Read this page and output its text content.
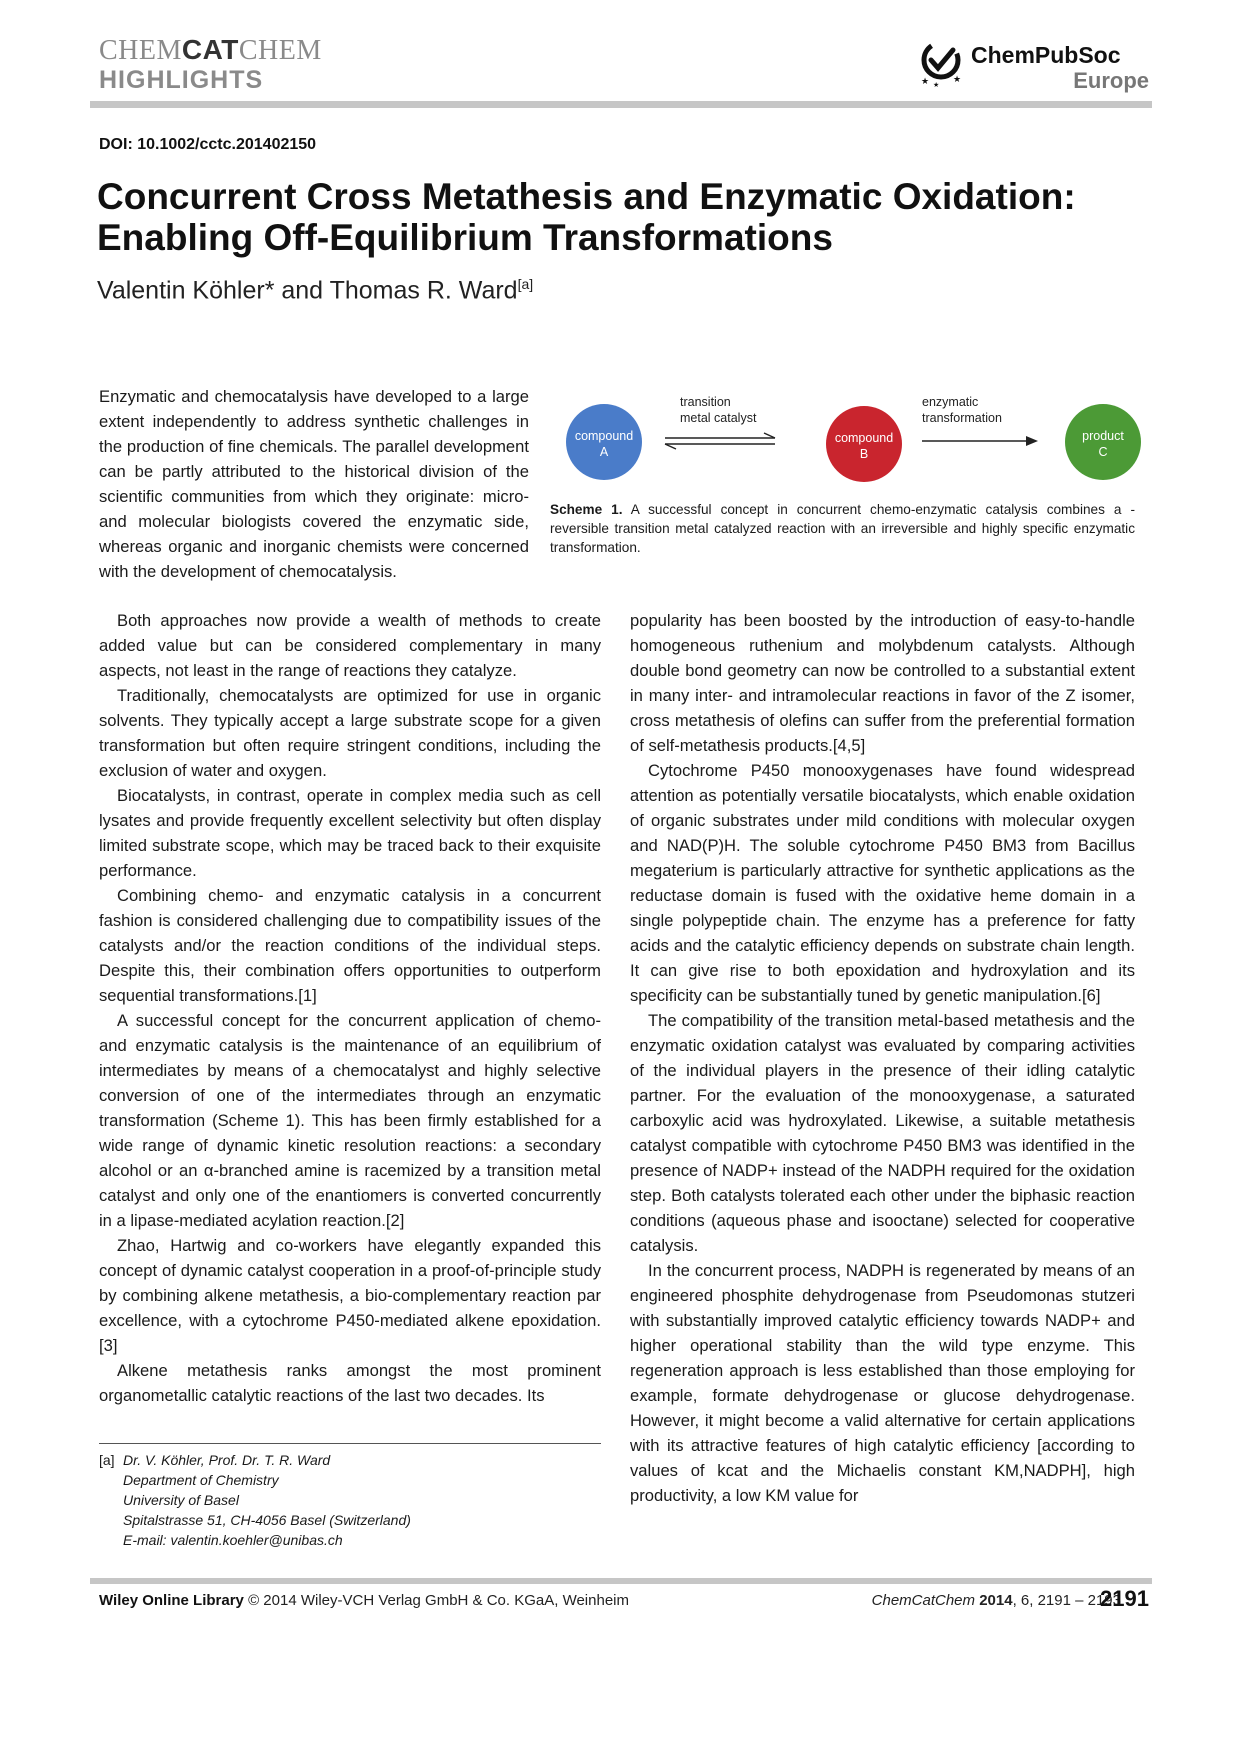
CHEMCATCHEM
HIGHLIGHTS	★ ★ ★
ChemPubSoc
Europe
DOI: 10.1002/cctc.201402150
Concurrent Cross Metathesis and Enzymatic Oxidation:
Enabling Off-Equilibrium Transformations
Valentin Köhler* and Thomas R. Ward[a]

Enzymatic and chemocatalysis have developed to a large extent independently to address synthetic challenges in the production of fine chemicals. The parallel development can be partly attributed to the historical division of the scientific communities from which they originate: micro- and molecular biologists covered the enzymatic side, whereas organic and inorganic chemists were concerned with the development of chemocatalysis.

compound
A
compound
B
product
C
transition
metal catalyst
enzymatic
transformation
Scheme 1. A successful concept in concurrent chemo-enzymatic catalysis combines a - reversible transition metal catalyzed reaction with an irreversible and highly specific enzymatic transformation.

Both approaches now provide a wealth of methods to create added value but can be considered complementary in many aspects, not least in the range of reactions they catalyze.

Traditionally, chemocatalysts are optimized for use in organic solvents. They typically accept a large substrate scope for a given transformation but often require stringent conditions, including the exclusion of water and oxygen.

Biocatalysts, in contrast, operate in complex media such as cell lysates and provide frequently excellent selectivity but often display limited substrate scope, which may be traced back to their exquisite performance.

Combining chemo- and enzymatic catalysis in a concurrent fashion is considered challenging due to compatibility issues of the catalysts and/or the reaction conditions of the individual steps. Despite this, their combination offers opportunities to outperform sequential transformations.[1]

A successful concept for the concurrent application of chemo- and enzymatic catalysis is the maintenance of an equilibrium of intermediates by means of a chemocatalyst and highly selective conversion of one of the intermediates through an enzymatic transformation (Scheme 1). This has been firmly established for a wide range of dynamic kinetic resolution reactions: a secondary alcohol or an α-branched amine is racemized by a transition metal catalyst and only one of the enantiomers is converted concurrently in a lipase-mediated acylation reaction.[2]

Zhao, Hartwig and co-workers have elegantly expanded this concept of dynamic catalyst cooperation in a proof-of-principle study by combining alkene metathesis, a bio-complementary reaction par excellence, with a cytochrome P450-mediated alkene epoxidation.[3]

Alkene metathesis ranks amongst the most prominent organometallic catalytic reactions of the last two decades. Its

popularity has been boosted by the introduction of easy-to-handle homogeneous ruthenium and molybdenum catalysts. Although double bond geometry can now be controlled to a substantial extent in many inter- and intramolecular reactions in favor of the Z isomer, cross metathesis of olefins can suffer from the preferential formation of self-metathesis products.[4,5]

Cytochrome P450 monooxygenases have found widespread attention as potentially versatile biocatalysts, which enable oxidation of organic substrates under mild conditions with molecular oxygen and NAD(P)H. The soluble cytochrome P450 BM3 from Bacillus megaterium is particularly attractive for synthetic applications as the reductase domain is fused with the oxidative heme domain in a single polypeptide chain. The enzyme has a preference for fatty acids and the catalytic efficiency depends on substrate chain length. It can give rise to both epoxidation and hydroxylation and its specificity can be substantially tuned by genetic manipulation.[6]

The compatibility of the transition metal-based metathesis and the enzymatic oxidation catalyst was evaluated by comparing activities of the individual players in the presence of their idling catalytic partner. For the evaluation of the monooxygenase, a saturated carboxylic acid was hydroxylated. Likewise, a suitable metathesis catalyst compatible with cytochrome P450 BM3 was identified in the presence of NADP+ instead of the NADPH required for the oxidation step. Both catalysts tolerated each other under the biphasic reaction conditions (aqueous phase and isooctane) selected for cooperative catalysis.

In the concurrent process, NADPH is regenerated by means of an engineered phosphite dehydrogenase from Pseudomonas stutzeri with substantially improved catalytic efficiency towards NADP+ and higher operational stability than the wild type enzyme. This regeneration approach is less established than those employing for example, formate dehydrogenase or glucose dehydrogenase. However, it might become a valid alternative for certain applications with its attractive features of high catalytic efficiency [according to values of kcat and the Michaelis constant KM,NADPH], high productivity, a low KM value for

[a] Dr. V. Köhler, Prof. Dr. T. R. Ward
Department of Chemistry
University of Basel
Spitalstrasse 51, CH-4056 Basel (Switzerland)
E-mail: valentin.koehler@unibas.ch
Wiley Online Library © 2014 Wiley-VCH Verlag GmbH & Co. KGaA, Weinheim	ChemCatChem 2014, 6, 2191 – 2193
2191
